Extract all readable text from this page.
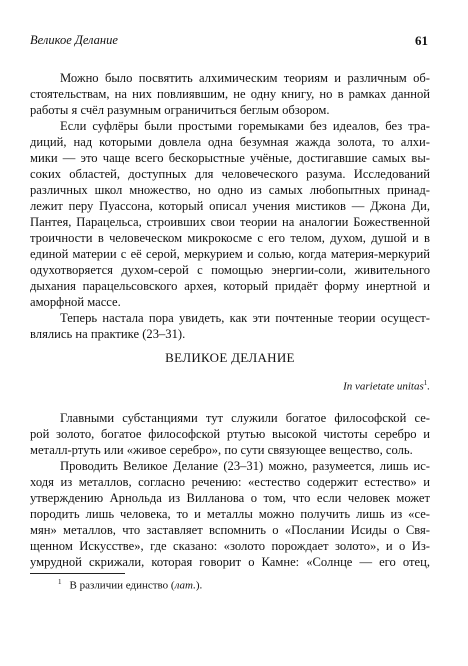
Великое Делание	61
Можно было посвятить алхимическим теориям и различным об-
стоятельствам, на них повлиявшим, не одну книгу, но в рамках данной
работы я счёл разумным ограничиться беглым обзором.
Если суфлёры были простыми горемыками без идеалов, без тра-
диций, над которыми довлела одна безумная жажда золота, то алхи-
мики — это чаще всего бескорыстные учёные, достигавшие самых вы-
соких областей, доступных для человеческого разума. Исследований
различных школ множество, но одно из самых любопытных принад-
лежит перу Пуассона, который описал учения мистиков — Джона Ди,
Пантея, Парацельса, строивших свои теории на аналогии Божественной
троичности в человеческом микрокосме с его телом, духом, душой и в
единой материи с её серой, меркурием и солью, когда материя-меркурий
одухотворяется духом-серой с помощью энергии-соли, живительного
дыхания парацельсовского архея, который придаёт форму инертной и
аморфной массе.
Теперь настала пора увидеть, как эти почтенные теории осущест-
влялись на практике (23–31).
ВЕЛИКОЕ ДЕЛАНИЕ
In varietate unitas$^1$.
Главными субстанциями тут служили богатое философской се-
рой золото, богатое философской ртутью высокой чистоты серебро и
металл-ртуть или «живое серебро», по сути связующее вещество, соль.
Проводить Великое Делание (23–31) можно, разумеется, лишь ис-
ходя из металлов, согласно речению: «естество содержит естество» и
утверждению Арнольда из Вилланова о том, что если человек может
породить лишь человека, то и металлы можно получить лишь из «се-
мян» металлов, что заставляет вспомнить о «Послании Исиды о Свя-
щенном Искусстве», где сказано: «золото порождает золото», и о Из-
умрудной скрижали, которая говорит о Камне: «Солнце — его отец,
$^1$ В различии единство (лат.).
